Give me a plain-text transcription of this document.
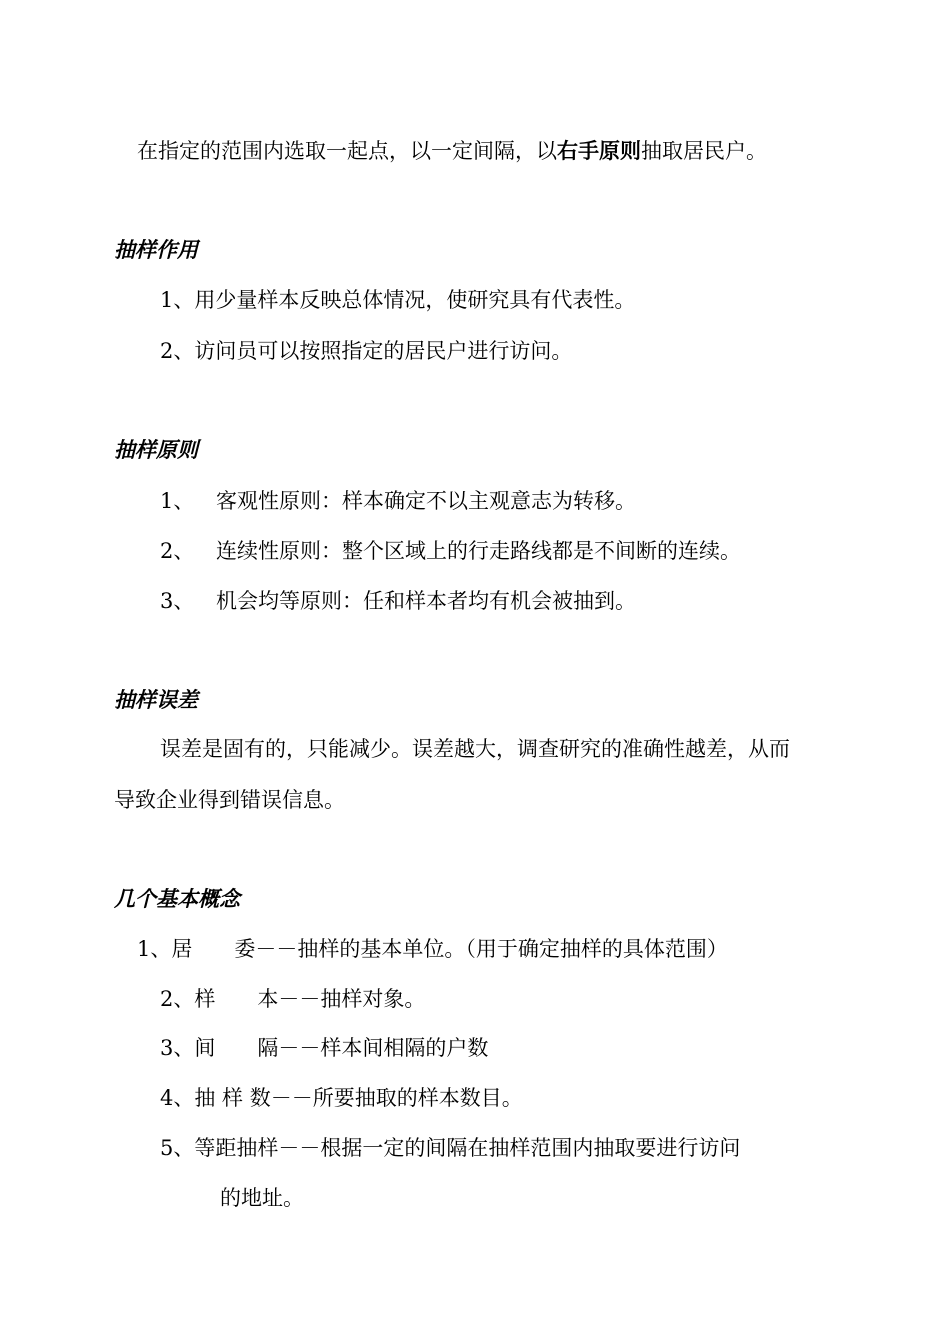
在指定的范围内选取一起点，以一定间隔，以右手原则抽取居民户。
抽样作用
1、用少量样本反映总体情况，使研究具有代表性。
2、访问员可以按照指定的居民户进行访问。
抽样原则
1、 客观性原则：样本确定不以主观意志为转移。
2、 连续性原则：整个区域上的行走路线都是不间断的连续。
3、 机会均等原则：任和样本者均有机会被抽到。
抽样误差
误差是固有的，只能减少。误差越大，调查研究的准确性越差，从而
导致企业得到错误信息。
几个基本概念
1、居　　委－－抽样的基本单位。（用于确定抽样的具体范围）
2、样　　本－－抽样对象。
3、间　　隔－－样本间相隔的户数
4、抽 样 数－－所要抽取的样本数目。
5、等距抽样－－根据一定的间隔在抽样范围内抽取要进行访问
的地址。
